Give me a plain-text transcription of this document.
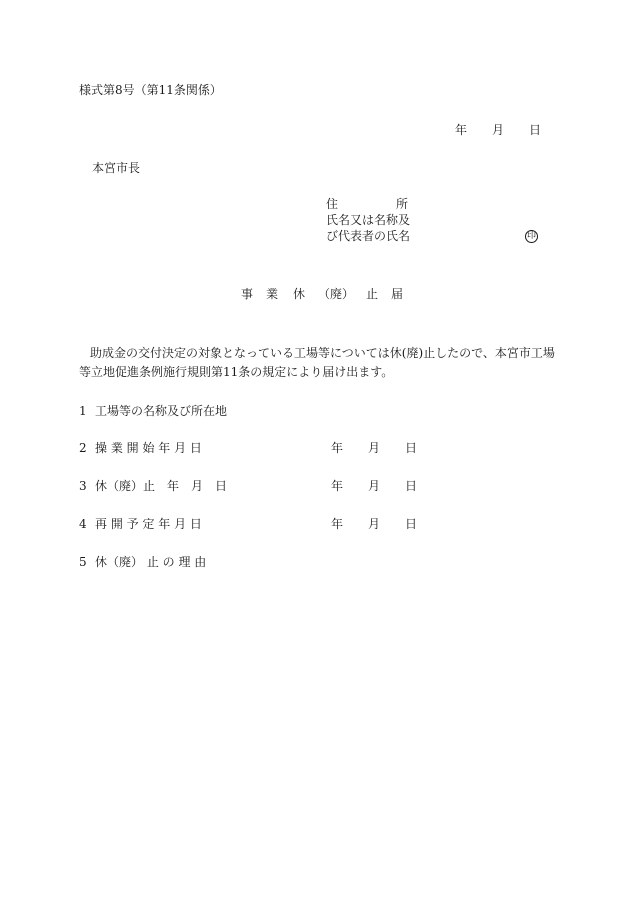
様式第8号（第11条関係）
年 月 日
本宮市長
住	所
氏名又は名称及
び代表者の氏名	印
事 業 休 （廃） 止 届
助成金の交付決定の対象となっている工場等については休(廃)止したので、本宮市工場等立地促進条例施行規則第11条の規定により届け出ます。
1 工場等の名称及び所在地
2 操 業 開 始 年 月 日	年 月 日
3 休（廃）止　年　月　日	年 月 日
4 再 開 予 定 年 月 日	年 月 日
5 休（廃） 止 の 理 由
